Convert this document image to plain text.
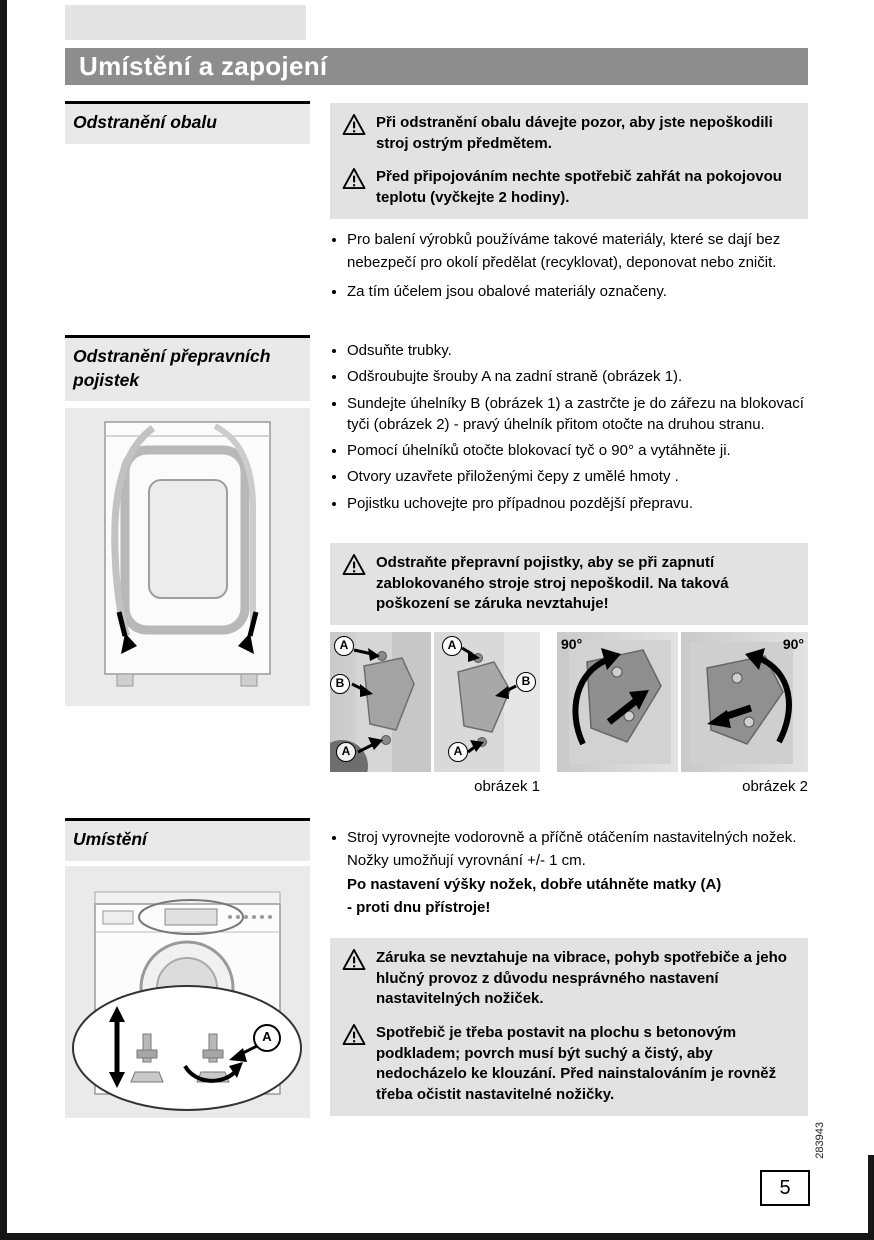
Umístění a zapojení
Odstranění obalu
Odstranění přepravních pojistek
Umístění
A
Při odstranění obalu dávejte pozor, aby jste nepoškodili stroj ostrým předmětem.
Před připojováním nechte spotřebič zahřát na pokojovou teplotu (vyčkejte 2 hodiny).
• Pro balení výrobků používáme takové materiály, které se dají bez nebezpečí pro okolí předělat (recyklovat), deponovat nebo zničit.
• Za tím účelem jsou obalové materiály označeny.
• Odsuňte trubky.
• Odšroubujte šrouby A na zadní straně (obrázek 1).
• Sundejte úhelníky B (obrázek 1) a zastrčte je do zářezu na blokovací tyči (obrázek 2) - pravý úhelník přitom otočte na druhou stranu.
• Pomocí úhelníků otočte blokovací tyč o 90° a vytáhněte ji.
• Otvory uzavřete přiloženými čepy z umělé hmoty .
• Pojistku uchovejte pro případnou pozdější přepravu.
Odstraňte přepravní pojistky, aby se při zapnutí zablokovaného stroje stroj nepoškodil. Na taková poškození se záruka nevztahuje!
A
B
A
A
B
A
90°	90°
obrázek 1	obrázek 2
• Stroj vyrovnejte vodorovně a příčně otáčením nastavitelných nožek. Nožky umožňují vyrovnání +/- 1 cm.
Po nastavení výšky nožek, dobře utáhněte matky (A)
- proti dnu přístroje!
Záruka se nevztahuje na vibrace, pohyb spotřebiče a jeho hlučný provoz z důvodu nesprávného nastavení nastavitelných nožiček.
Spotřebič je třeba postavit na plochu s betonovým podkladem; povrch musí být suchý a čistý, aby nedocházelo ke klouzání. Před nainstalováním je rovněž třeba očistit nastavitelné nožičky.
283943
5
